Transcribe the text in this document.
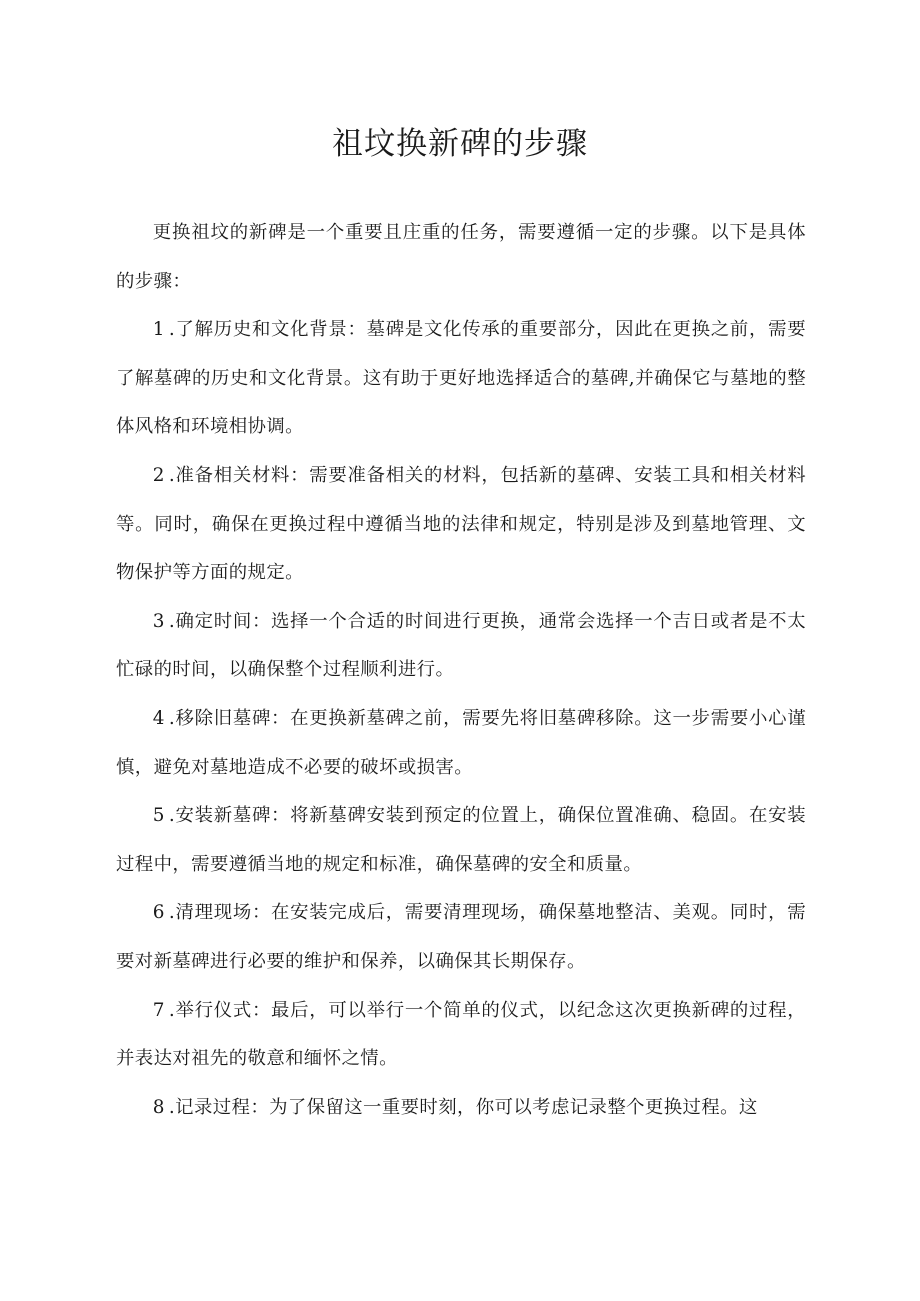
祖坟换新碑的步骤

更换祖坟的新碑是一个重要且庄重的任务，需要遵循一定的步骤。以下是具体的步骤：

1 .了解历史和文化背景：墓碑是文化传承的重要部分，因此在更换之前，需要了解墓碑的历史和文化背景。这有助于更好地选择适合的墓碑,并确保它与墓地的整体风格和环境相协调。

2 .准备相关材料：需要准备相关的材料，包括新的墓碑、安装工具和相关材料等。同时，确保在更换过程中遵循当地的法律和规定，特别是涉及到墓地管理、文物保护等方面的规定。

3 .确定时间：选择一个合适的时间进行更换，通常会选择一个吉日或者是不太忙碌的时间，以确保整个过程顺利进行。

4 .移除旧墓碑：在更换新墓碑之前，需要先将旧墓碑移除。这一步需要小心谨慎，避免对墓地造成不必要的破坏或损害。

5 .安装新墓碑：将新墓碑安装到预定的位置上，确保位置准确、稳固。在安装过程中，需要遵循当地的规定和标准，确保墓碑的安全和质量。

6 .清理现场：在安装完成后，需要清理现场，确保墓地整洁、美观。同时，需要对新墓碑进行必要的维护和保养，以确保其长期保存。

7 .举行仪式：最后，可以举行一个简单的仪式，以纪念这次更换新碑的过程，并表达对祖先的敬意和缅怀之情。

8 .记录过程：为了保留这一重要时刻，你可以考虑记录整个更换过程。这
